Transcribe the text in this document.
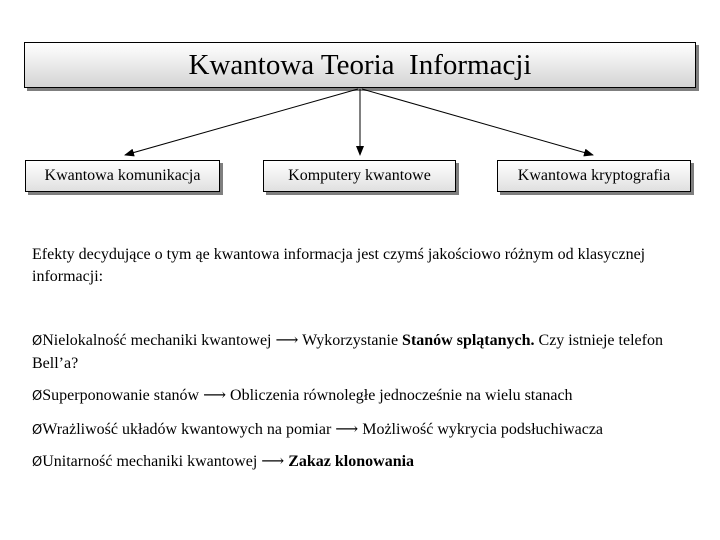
Kwantowa Teoria  Informacji
Kwantowa komunikacja	Komputery kwantowe	Kwantowa kryptografia
Efekty decydujące o tym ąe kwantowa informacja jest czymś jakościowo różnym od klasycznej informacji:
ØNielokalność mechaniki kwantowej ⟶ Wykorzystanie Stanów splątanych. Czy istnieje telefon Bell’a?
ØSuperponowanie stanów ⟶ Obliczenia równoległe jednocześnie na wielu stanach
ØWrażliwość układów kwantowych na pomiar ⟶ Możliwość wykrycia podsłuchiwacza
ØUnitarność mechaniki kwantowej ⟶ Zakaz klonowania
